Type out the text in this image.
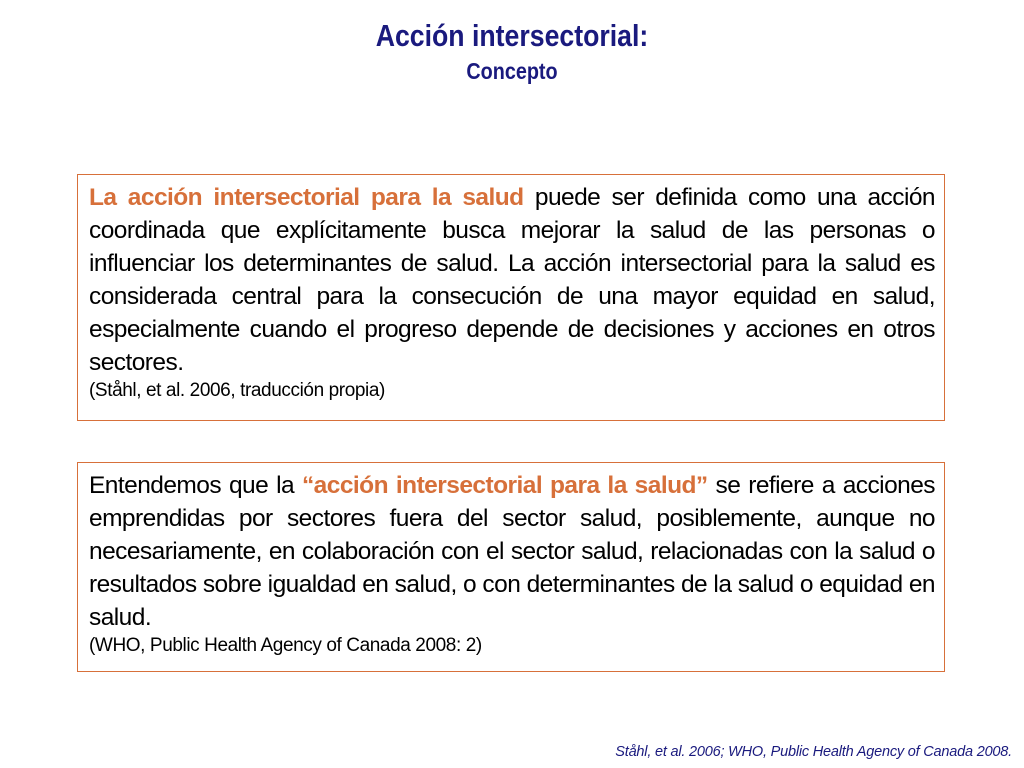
Acción intersectorial:
Concepto
La acción intersectorial para la salud puede ser definida como una acción coordinada que explícitamente busca mejorar la salud de las personas o influenciar los determinantes de salud. La acción intersectorial para la salud es considerada central para la consecución de una mayor equidad en salud, especialmente cuando el progreso depende de decisiones y acciones en otros sectores.
(Ståhl, et al. 2006, traducción propia)
Entendemos que la “acción intersectorial para la salud” se refiere a acciones emprendidas por sectores fuera del sector salud, posiblemente, aunque no necesariamente, en colaboración con el sector salud, relacionadas con la salud o resultados sobre igualdad en salud, o con determinantes de la salud o equidad en salud.
(WHO, Public Health Agency of Canada 2008: 2)
Ståhl, et al. 2006; WHO, Public Health Agency of Canada 2008.
